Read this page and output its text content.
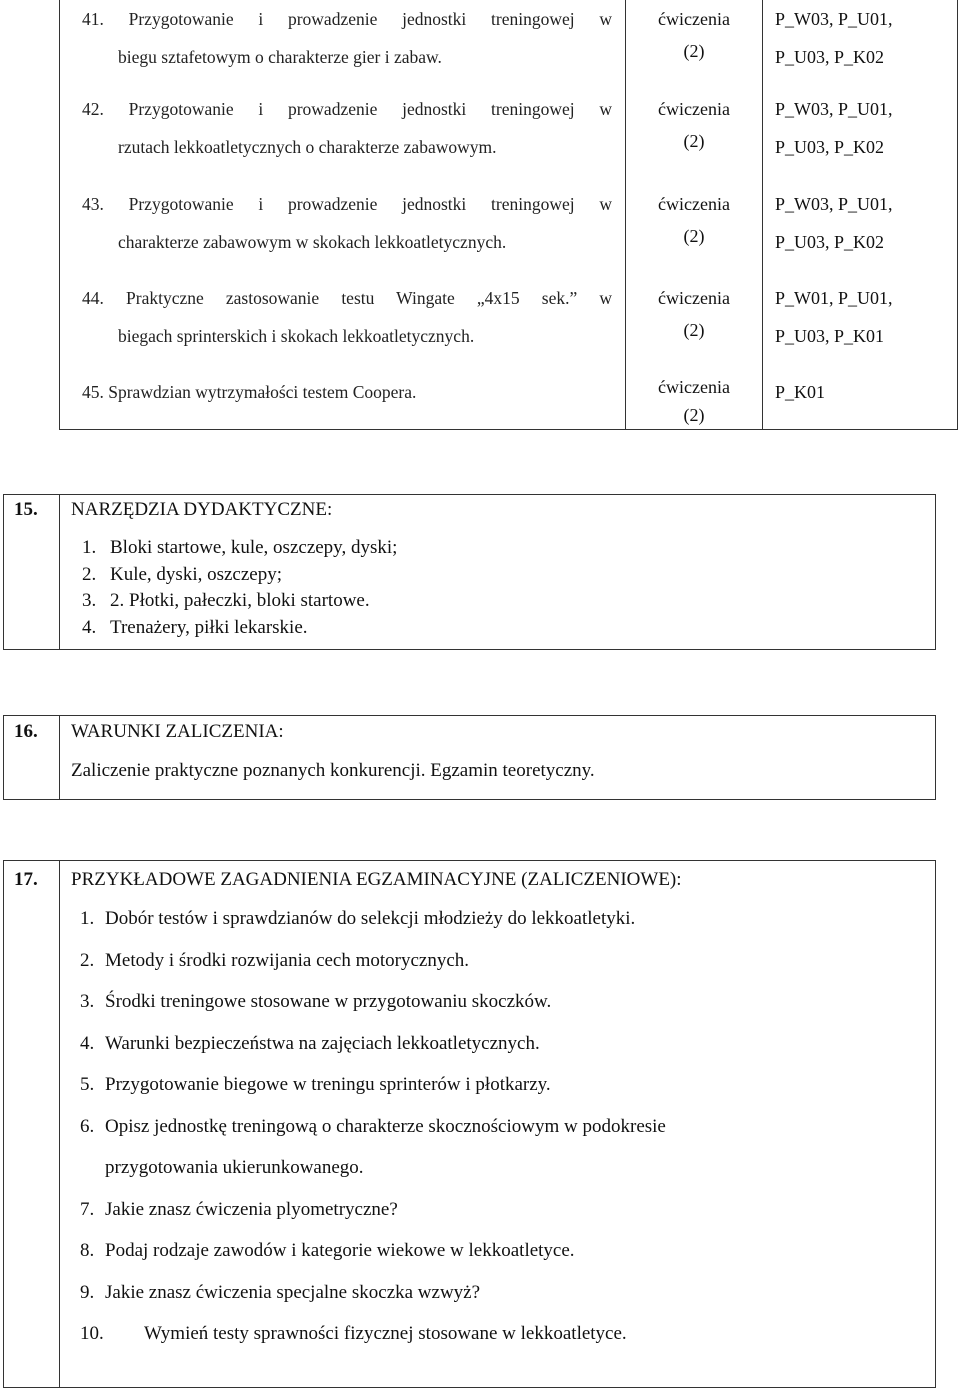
41. Przygotowanie i prowadzenie jednostki treningowej w
biegu sztafetowym o charakterze gier i zabaw.
ćwiczenia
(2)
P_W03, P_U01,
P_U03, P_K02
42. Przygotowanie i prowadzenie jednostki treningowej w
rzutach lekkoatletycznych o charakterze zabawowym.
ćwiczenia
(2)
P_W03, P_U01,
P_U03, P_K02
43. Przygotowanie i prowadzenie jednostki treningowej w
charakterze zabawowym w skokach lekkoatletycznych.
ćwiczenia
(2)
P_W03, P_U01,
P_U03, P_K02
44. Praktyczne zastosowanie testu Wingate „4x15 sek.” w
biegach sprinterskich i skokach lekkoatletycznych.
ćwiczenia
(2)
P_W01, P_U01,
P_U03, P_K01
45. Sprawdzian wytrzymałości testem Coopera.	ćwiczenia
(2)
P_K01
15. NARZĘDZIA DYDAKTYCZNE:
1. Bloki startowe, kule, oszczepy, dyski;
2. Kule, dyski, oszczepy;
3. 2. Płotki, pałeczki, bloki startowe.
4. Trenażery, piłki lekarskie.
16. WARUNKI ZALICZENIA:
Zaliczenie praktyczne poznanych konkurencji. Egzamin teoretyczny.
17. PRZYKŁADOWE ZAGADNIENIA EGZAMINACYJNE (ZALICZENIOWE):
1. Dobór testów i sprawdzianów do selekcji młodzieży do lekkoatletyki.
2. Metody i środki rozwijania cech motorycznych.
3. Środki treningowe stosowane w przygotowaniu skoczków.
4. Warunki bezpieczeństwa na zajęciach lekkoatletycznych.
5. Przygotowanie biegowe w treningu sprinterów i płotkarzy.
6. Opisz jednostkę treningową o charakterze skocznościowym w podokresie
przygotowania ukierunkowanego.
7. Jakie znasz ćwiczenia plyometryczne?
8. Podaj rodzaje zawodów i kategorie wiekowe w lekkoatletyce.
9. Jakie znasz ćwiczenia specjalne skoczka wzwyż?
10.	Wymień testy sprawności fizycznej stosowane w lekkoatletyce.
